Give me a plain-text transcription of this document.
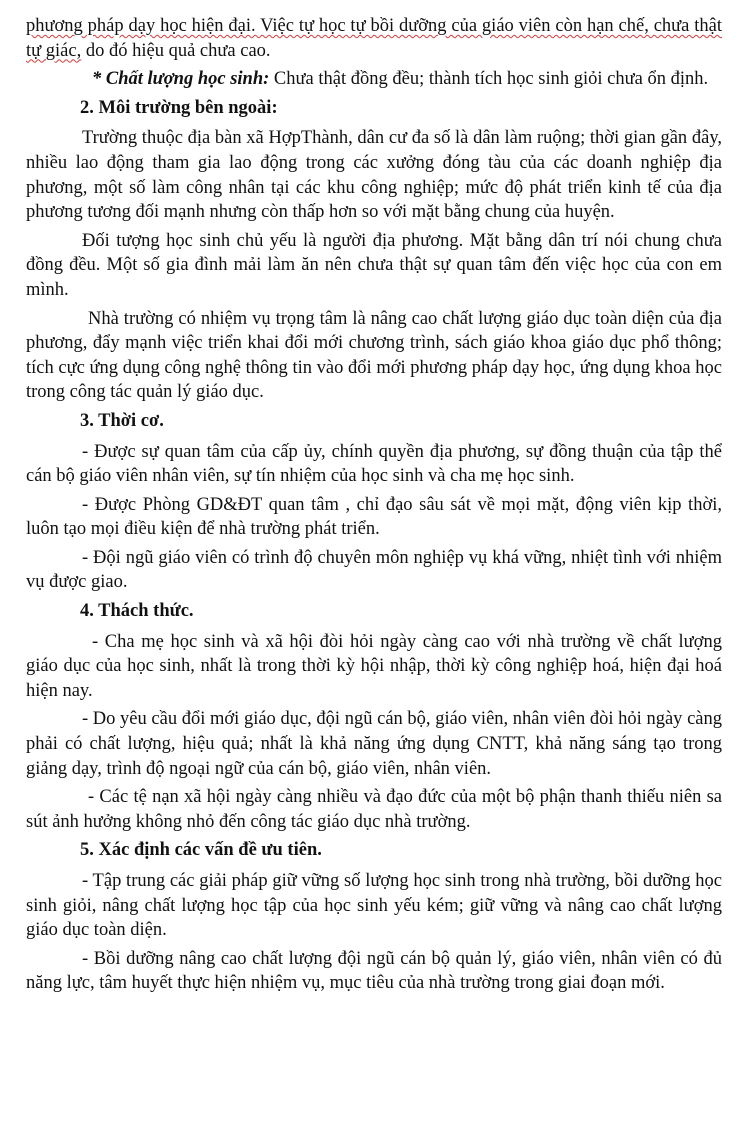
phương pháp dạy học hiện đại. Việc tự học tự bồi dưỡng của giáo viên còn hạn chế, chưa thật tự giác, do đó hiệu quả chưa cao.

* Chất lượng học sinh: Chưa thật đồng đều; thành tích học sinh giỏi chưa ổn định.

2. Môi trường bên ngoài:

Trường thuộc địa bàn xã HợpThành, dân cư đa số là dân làm ruộng; thời gian gần đây, nhiều lao động tham gia lao động trong các xưởng đóng tàu của các doanh nghiệp địa phương, một số làm công nhân tại các khu công nghiệp; mức độ phát triển kinh tế của địa phương tương đối mạnh nhưng còn thấp hơn so với mặt bằng chung của huyện.

Đối tượng học sinh chủ yếu là người địa phương. Mặt bằng dân trí nói chung chưa đồng đều. Một số gia đình mải làm ăn nên chưa thật sự quan tâm đến việc học của con em mình.

Nhà trường có nhiệm vụ trọng tâm là nâng cao chất lượng giáo dục toàn diện của địa phương, đẩy mạnh việc triển khai đổi mới chương trình, sách giáo khoa giáo dục phổ thông; tích cực ứng dụng công nghệ thông tin vào đổi mới phương pháp dạy học, ứng dụng khoa học trong công tác quản lý giáo dục.

3. Thời cơ.

- Được sự quan tâm của cấp ủy, chính quyền địa phương, sự đồng thuận của tập thể cán bộ giáo viên nhân viên, sự tín nhiệm của học sinh và cha mẹ học sinh.

- Được Phòng GD&ĐT quan tâm , chỉ đạo sâu sát về mọi mặt, động viên kịp thời, luôn tạo mọi điều kiện để nhà trường phát triển.

- Đội ngũ giáo viên có trình độ chuyên môn nghiệp vụ khá vững, nhiệt tình với nhiệm vụ được giao.

4. Thách thức.

- Cha mẹ học sinh và xã hội đòi hỏi ngày càng cao với nhà trường về chất lượng giáo dục của học sinh, nhất là trong thời kỳ hội nhập, thời kỳ công nghiệp hoá, hiện đại hoá hiện nay.

- Do yêu cầu đổi mới giáo dục, đội ngũ cán bộ, giáo viên, nhân viên đòi hỏi ngày càng phải có chất lượng, hiệu quả; nhất là khả năng ứng dụng CNTT, khả năng sáng tạo trong giảng dạy, trình độ ngoại ngữ của cán bộ, giáo viên, nhân viên.

- Các tệ nạn xã hội ngày càng nhiều và đạo đức của một bộ phận thanh thiếu niên sa sút ảnh hưởng không nhỏ đến công tác giáo dục nhà trường.

5. Xác định các vấn đề ưu tiên.

- Tập trung các giải pháp giữ vững số lượng học sinh trong nhà trường, bồi dưỡng học sinh giỏi, nâng chất lượng học tập của học sinh yếu kém; giữ vững và nâng cao chất lượng giáo dục toàn diện.

- Bồi dưỡng nâng cao chất lượng đội ngũ cán bộ quản lý, giáo viên, nhân viên có đủ năng lực, tâm huyết thực hiện nhiệm vụ, mục tiêu của nhà trường trong giai đoạn mới.
